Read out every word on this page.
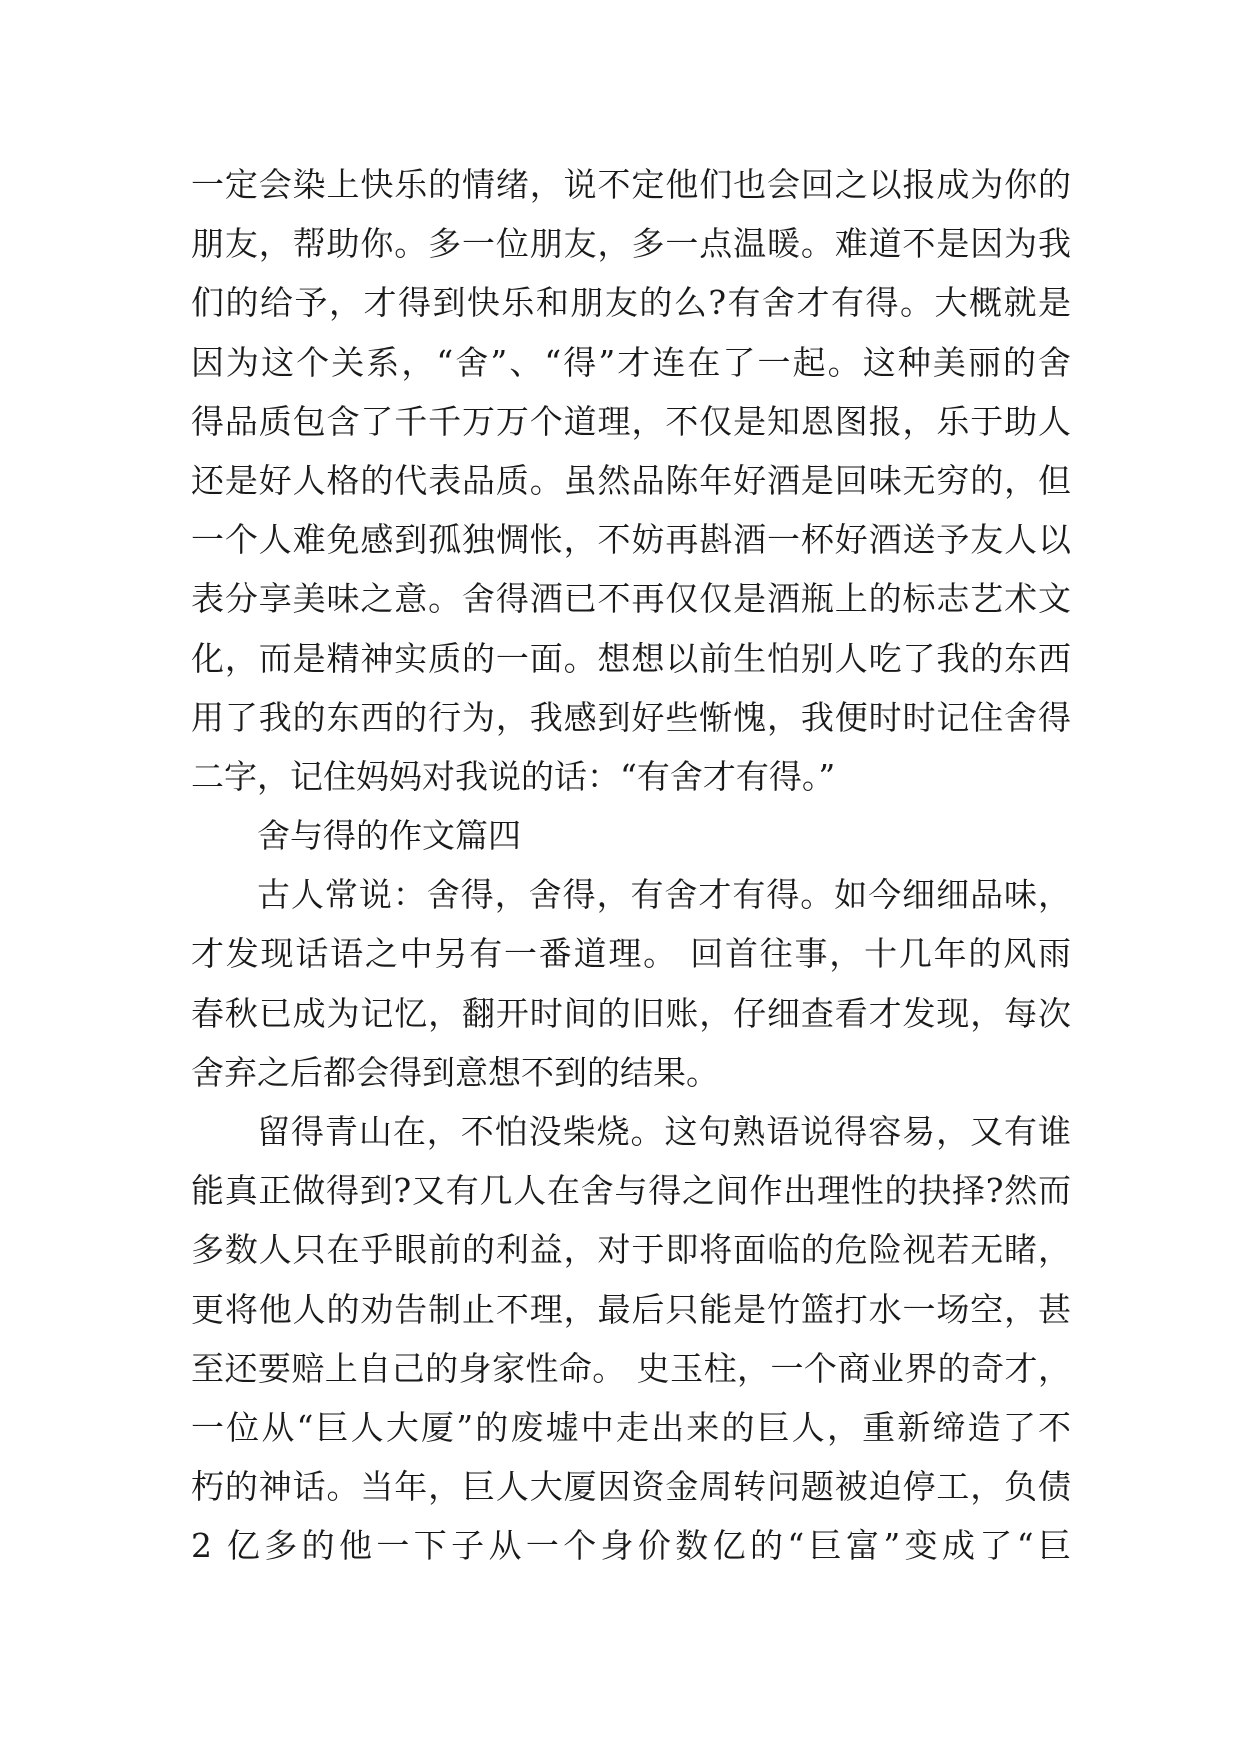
一定会染上快乐的情绪，说不定他们也会回之以报成为你的
朋友，帮助你。多一位朋友，多一点温暖。难道不是因为我
们的给予，才得到快乐和朋友的么?有舍才有得。大概就是
因为这个关系，“舍”、“得”才连在了一起。这种美丽的舍
得品质包含了千千万万个道理，不仅是知恩图报，乐于助人
还是好人格的代表品质。虽然品陈年好酒是回味无穷的，但
一个人难免感到孤独惆怅，不妨再斟酒一杯好酒送予友人以
表分享美味之意。舍得酒已不再仅仅是酒瓶上的标志艺术文
化，而是精神实质的一面。想想以前生怕别人吃了我的东西
用了我的东西的行为，我感到好些惭愧，我便时时记住舍得
二字，记住妈妈对我说的话：“有舍才有得。”
舍与得的作文篇四
古人常说：舍得，舍得，有舍才有得。如今细细品味，
才发现话语之中另有一番道理。 回首往事，十几年的风雨
春秋已成为记忆，翻开时间的旧账，仔细查看才发现，每次
舍弃之后都会得到意想不到的结果。
留得青山在，不怕没柴烧。这句熟语说得容易，又有谁
能真正做得到?又有几人在舍与得之间作出理性的抉择?然而
多数人只在乎眼前的利益，对于即将面临的危险视若无睹，
更将他人的劝告制止不理，最后只能是竹篮打水一场空，甚
至还要赔上自己的身家性命。 史玉柱，一个商业界的奇才，
一位从“巨人大厦”的废墟中走出来的巨人，重新缔造了不
朽的神话。当年，巨人大厦因资金周转问题被迫停工，负债
2 亿多的他一下子从一个身价数亿的“巨富”变成了“巨
